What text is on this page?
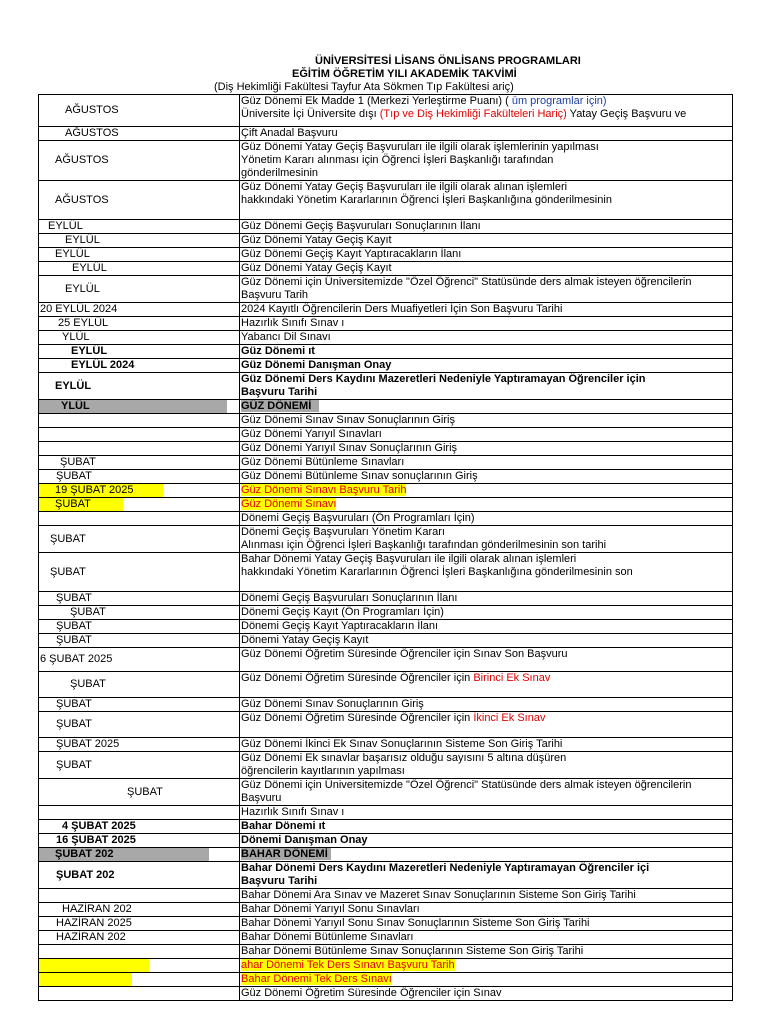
ÜNİVERSİTESİ LİSANS ÖNLİSANS PROGRAMLARI
EĞİTİM ÖĞRETİM YILI AKADEMİK TAKVİMİ
(Diş Hekimliği Fakültesi Tayfur Ata Sökmen Tıp Fakültesi ariç)
AĞUSTOS	Güz Dönemi Ek Madde 1 (Merkezi Yerleştirme Puanı) ( ūm programlar için)
Üniversite İçi Üniversite dışı (Tıp ve Diş Hekimliği Fakülteleri Hariç) Yatay Geçiş Başvuru ve
AĞUSTOS	Çift Anadal Başvuru
AĞUSTOS	Güz Dönemi Yatay Geçiş Başvuruları ile ilgili olarak işlemlerinin yapılması
Yönetim Kararı alınması için Öğrenci İşleri Başkanlığı tarafından
gönderilmesinin
AĞUSTOS	Güz Dönemi Yatay Geçiş Başvuruları ile ilgili olarak alınan işlemleri
hakkındaki Yönetim Kararlarının Öğrenci İşleri Başkanlığına gönderilmesinin
EYLÜL	Güz Dönemi Geçiş Başvuruları Sonuçlarının İlanı
EYLÜL	Güz Dönemi Yatay Geçiş Kayıt
EYLÜL	Güz Dönemi Geçiş Kayıt Yaptıracakların İlanı
EYLÜL	Güz Dönemi Yatay Geçiş Kayıt
EYLÜL	Güz Dönemi için Üniversitemizde "Özel Öğrenci" Statüsünde ders almak isteyen öğrencilerin
Başvuru Tarih
20 EYLÜL 2024	2024 Kayıtlı Öğrencilerin Ders Muafiyetleri İçin Son Başvuru Tarihi
25 EYLÜL	Hazırlık Sınıfı Sınav ı
YLÜL	Yabancı Dil Sınavı
EYLÜL	Güz Dönemi ıt
EYLÜL 2024	Güz Dönemi Danışman Onay
EYLÜL	Güz Dönemi Ders Kaydını Mazeretleri Nedeniyle Yaptıramayan Öğrenciler için
Başvuru Tarihi

YLÜL	GÜZ DÖNEMİ
	Güz Dönemi Sınav Sınav Sonuçlarının Giriş
	Güz Dönemi Yarıyıl Sınavları
	Güz Dönemi Yarıyıl Sınav Sonuçlarının Giriş
ŞUBAT	Güz Dönemi Bütünleme Sınavları
ŞUBAT	Güz Dönemi Bütünleme Sınav sonuçlarının Giriş

19 ŞUBAT 2025	Güz Dönemi Sınavı Başvuru Tarih

ŞUBAT	Güz Dönemi Sınavı
	Dönemi Geçiş Başvuruları (Ön Programları İçin)
ŞUBAT	Dönemi Geçiş Başvuruları Yönetim Kararı
Alınması için Öğrenci İşleri Başkanlığı tarafından gönderilmesinin son tarihi
ŞUBAT	Bahar Dönemi Yatay Geçiş Başvuruları ile ilgili olarak alınan işlemleri
hakkındaki Yönetim Kararlarının Öğrenci İşleri Başkanlığına gönderilmesinin son
ŞUBAT	Dönemi Geçiş Başvuruları Sonuçlarının İlanı
ŞUBAT	Dönemi Geçiş Kayıt (Ön Programları İçin)
ŞUBAT	Dönemi Geçiş Kayıt Yaptıracakların İlanı
ŞUBAT	Dönemi Yatay Geçiş Kayıt
6 ŞUBAT 2025	Güz Dönemi Öğretim Süresinde Öğrenciler için Sınav Son Başvuru
ŞUBAT	Güz Dönemi Öğretim Süresinde Öğrenciler için Birinci Ek Sınav
ŞUBAT	Güz Dönemi Sınav Sonuçlarının Giriş
ŞUBAT	Güz Dönemi Öğretim Süresinde Öğrenciler için İkinci Ek Sınav
ŞUBAT 2025	Güz Dönemi İkinci Ek Sınav Sonuçlarının Sisteme Son Giriş Tarihi
ŞUBAT	Güz Dönemi Ek sınavlar başarısız olduğu sayısını 5 altına düşüren
öğrencilerin kayıtlarının yapılması
ŞUBAT	Güz Dönemi için Üniversitemizde "Özel Öğrenci" Statüsünde ders almak isteyen öğrencilerin
Başvuru
	Hazırlık Sınıfı Sınav ı
4 ŞUBAT 2025	Bahar Dönemi ıt
16 ŞUBAT 2025	Dönemi Danışman Onay

ŞUBAT 202	BAHAR DÖNEMİ
ŞUBAT 202	Bahar Dönemi Ders Kaydını Mazeretleri Nedeniyle Yaptıramayan Öğrenciler içi
Başvuru Tarihi
	Bahar Dönemi Ara Sınav ve Mazeret Sınav Sonuçlarının Sisteme Son Giriş Tarihi
HAZİRAN 202	Bahar Dönemi Yarıyıl Sonu Sınavları
HAZİRAN 2025	Bahar Dönemi Yarıyıl Sonu Sınav Sonuçlarının Sisteme Son Giriş Tarihi
HAZİRAN 202	Bahar Dönemi Bütünleme Sınavları
	Bahar Dönemi Bütünleme Sınav Sonuçlarının Sisteme Son Giriş Tarihi

	ahar Dönemi Tek Ders Sınavı Başvuru Tarih

	Bahar Dönemi Tek Ders Sınavı
	Güz Dönemi Öğretim Süresinde Öğrenciler için Sınav
